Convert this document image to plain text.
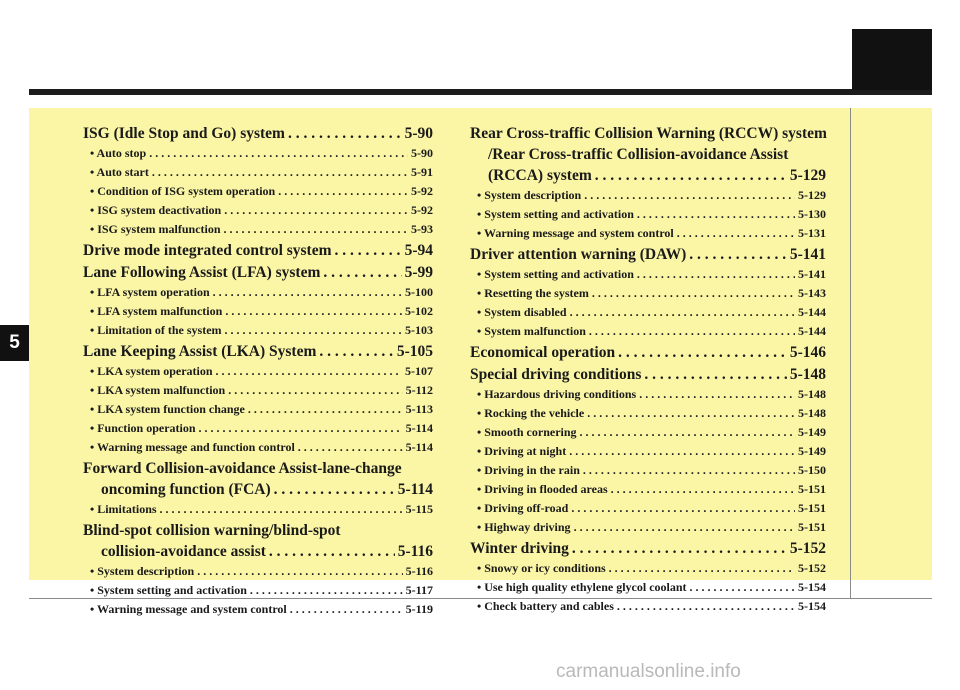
5
ISG (Idle Stop and Go) system . . .	5-90
• Auto stop . . .	5-90
• Auto start . . .	5-91
• Condition of ISG system operation . . .	5-92
• ISG system deactivation . . .	5-92
• ISG system malfunction . . .	5-93
Drive mode integrated control system . . .	5-94
Lane Following Assist (LFA) system . . .	5-99
• LFA system operation . . .	5-100
• LFA system malfunction . . .	5-102
• Limitation of the system . . .	5-103
Lane Keeping Assist (LKA) System . . .	5-105
• LKA system operation . . .	5-107
• LKA system malfunction . . .	5-112
• LKA system function change . . .	5-113
• Function operation . . .	5-114
• Warning message and function control . . .	5-114
Forward Collision-avoidance Assist-lane-change
oncoming function (FCA) . . .	5-114
• Limitations . . .	5-115
Blind-spot collision warning/blind-spot
collision-avoidance assist . . .	5-116
• System description . . .	5-116
• System setting and activation . . .	5-117
• Warning message and system control . . .	5-119
Rear Cross-traffic Collision Warning (RCCW) system
/Rear Cross-traffic Collision-avoidance Assist
(RCCA) system . . .	5-129
• System description . . .	5-129
• System setting and activation . . .	5-130
• Warning message and system control . . .	5-131
Driver attention warning (DAW) . . .	5-141
• System setting and activation . . .	5-141
• Resetting the system . . .	5-143
• System disabled . . .	5-144
• System malfunction . . .	5-144
Economical operation . . .	5-146
Special driving conditions . . .	5-148
• Hazardous driving conditions . . .	5-148
• Rocking the vehicle . . .	5-148
• Smooth cornering . . .	5-149
• Driving at night . . .	5-149
• Driving in the rain . . .	5-150
• Driving in flooded areas . . .	5-151
• Driving off-road . . .	5-151
• Highway driving . . .	5-151
Winter driving . . .	5-152
• Snowy or icy conditions . . .	5-152
• Use high quality ethylene glycol coolant . . .	5-154
• Check battery and cables . . .	5-154
carmanualsonline.info
